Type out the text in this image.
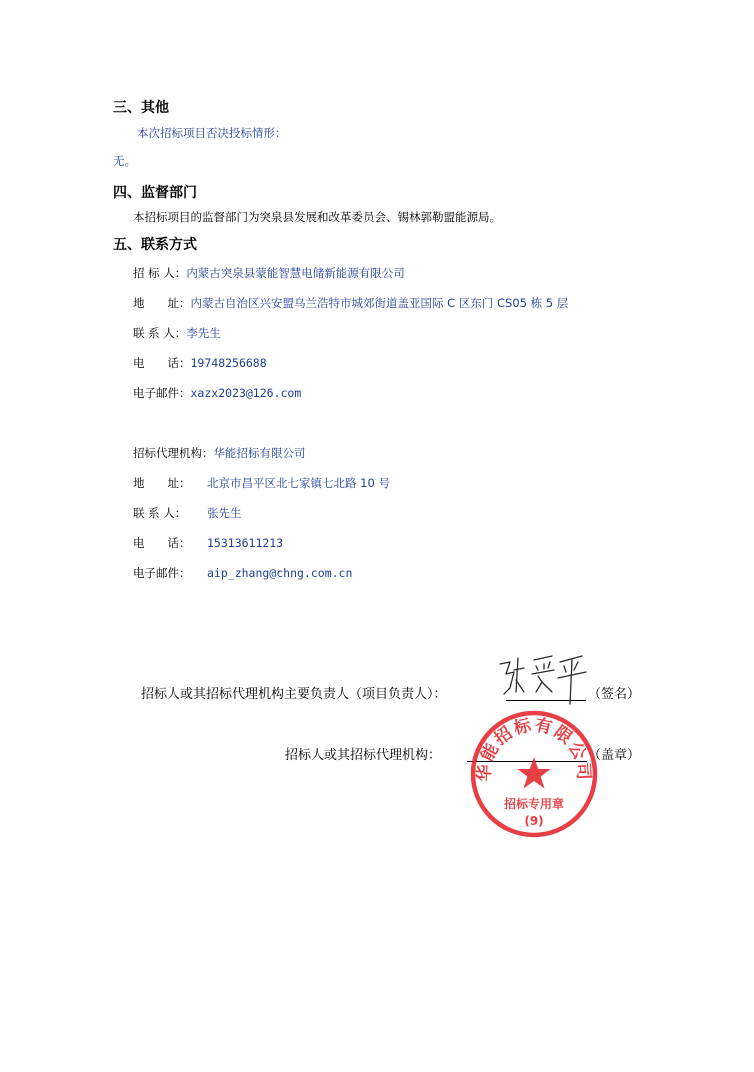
三、其他
本次招标项目否决投标情形：
无。
四、监督部门
本招标项目的监督部门为突泉县发展和改革委员会、锡林郭勒盟能源局。
五、联系方式
招 标 人：内蒙古突泉县蒙能智慧电储新能源有限公司
地　　址：内蒙古自治区兴安盟乌兰浩特市城郊街道盖亚国际 C 区东门 CS05 栋 5 层
联 系 人：李先生
电　　话：19748256688
电子邮件：xazx2023@126.com
招标代理机构：华能招标有限公司
地　　址： 北京市昌平区北七家镇七北路 10 号
联 系 人： 张先生
电　　话： 15313611213
电子邮件： aip_zhang@chng.com.cn
招标人或其招标代理机构主要负责人（项目负责人）：	（签名）
招标人或其招标代理机构：	（盖章）
华能招标有限公司
招标专用章
(9)
